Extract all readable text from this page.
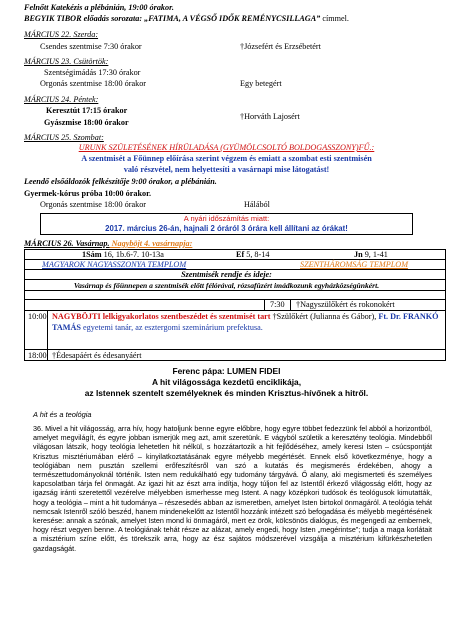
Felnőtt Katekézis a plébánián, 19:00 órakor.
BEGYIK TIBOR előadás sorozata: „FATIMA, A VÉGSŐ IDŐK REMÉNYCSILLAGA” címmel.
MÁRCIUS 22. Szerda:
Csendes szentmise 7:30 órakor	†Józsefért és Erzsébetért
MÁRCIUS 23. Csütörtök:
Szentségimádás 17:30 órakor
Orgonás szentmise 18:00 órakor	Egy betegért
MÁRCIUS 24. Péntek:
Keresztút 17:15 órakor
Gyászmise 18:00 órakor
†Horváth Lajosért
MÁRCIUS 25. Szombat:
URUNK SZÜLETÉSÉNEK HÍRÜLADÁSA (GYÜMÖLCSOLTÓ BOLDOGASSZONY)FŰ.:
A szentmisét a Főünnep előírása szerint végzem és emiatt a szombat esti szentmisén
való részvétel, nem helyettesíti a vasárnapi mise látogatást!
Leendő elsőáldozók felkészítője 9:00 órakor, a plébánián.
Gyermek-kórus próba 10:00 órakor.
Orgonás szentmise 18:00 órakor	Hálából
A nyári időszámítás miatt:
2017. március 26-án, hajnali 2 óráról 3 órára kell állítani az órákat!
MÁRCIUS 26. Vasárnap. Nagyböjt 4. vasárnapja:
1Sám 16, 1b.6-7. 10-13a	Ef 5, 8-14	Jn 9, 1-41
MAGYAROK NAGYASSZONYA TEMPLOM	SZENTHÁROMSÁG TEMPLOM
Szentmisék rendje és ideje:
Vasárnap és főünnepen a szentmisék előtt félórával, rózsafüzért imádkozunk egyházközségünkért.
7:30 †Nagyszülőkért és rokonokért
10:00 NAGYBÖJTI lelkigyakorlatos szentbeszédet és szentmisét tart †Szülőkért (Julianna és Gábor), Ft. Dr. FRANKÓ TAMÁS egyetemi tanár, az esztergomi szeminárium prefektusa.
18:00 †Édesapáért és édesanyáért
Ferenc pápa: LUMEN FIDEI
A hit világossága kezdetű enciklikája,
az Istennek szentelt személyeknek és minden Krisztus-hívőnek a hitről.
A hit és a teológia
36. Mivel a hit világosság, arra hív, hogy hatoljunk benne egyre előbbre, hogy egyre többet fedezzünk fel abból a horizontból, amelyet megvilágít, és egyre jobban ismerjük meg azt, amit szeretünk. E vágyból születik a keresztény teológia. Mindebből világosan látszik, hogy teológia lehetetlen hit nélkül, s hozzátartozik a hit fejlődéséhez, amely keresi Isten – csúcspontját Krisztus misztériumában elérő – kinyilatkoztatásának egyre mélyebb megértését. Ennek első következménye, hogy a teológiában nem pusztán szellemi erőfeszítésről van szó a kutatás és megismerés érdekében, ahogy a természettudományoknál történik. Isten nem redukálható egy tudomány tárgyává. Ő alany, aki megismerteti és személyes kapcsolatban tárja fel önmagát. Az igazi hit az észt arra indítja, hogy túljon fel az Istentől érkező világosság előtt, hogy az igazság iránti szeretettől vezérelve mélyebben ismerhesse meg Istent. A nagy középkori tudósok és teológusok kimutatták, hogy a teológia – mint a hit tudománya – részesedés abban az ismeretben, amelyet Isten birtokol önmagáról. A teológia tehát nemcsak Istenről szóló beszéd, hanem mindenekelőtt az Istentől hozzánk intézett szó befogadása és mélyebb megértésének keresése: annak a szónak, amelyet Isten mond ki önmagáról, mert ez örök, kölcsönös dialógus, és megengedi az embernek, hogy részt vegyen benne. A teológiának tehát része az alázat, amely engedi, hogy Isten „megérintse”; tudja a maga korlátait a misztérium színe előtt, és törekszik arra, hogy az ész sajátos módszerével vizsgálja a misztérium kifürkészhetetlen gazdagságát.
